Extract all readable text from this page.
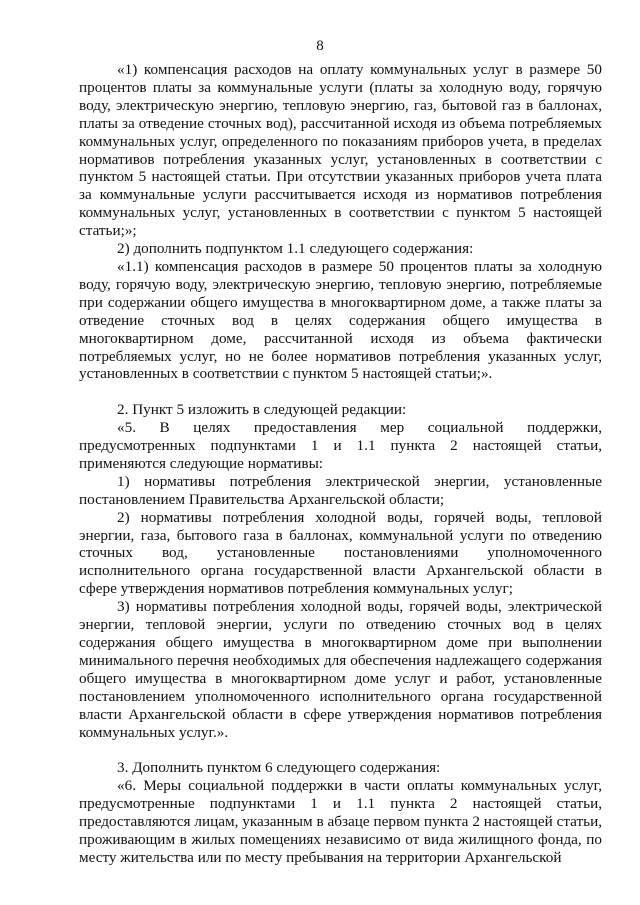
8

«1) компенсация расходов на оплату коммунальных услуг в размере 50 процентов платы за коммунальные услуги (платы за холодную воду, горячую воду, электрическую энергию, тепловую энергию, газ, бытовой газ в баллонах, платы за отведение сточных вод), рассчитанной исходя из объема потребляемых коммунальных услуг, определенного по показаниям приборов учета, в пределах нормативов потребления указанных услуг, установленных в соответствии с пунктом 5 настоящей статьи. При отсутствии указанных приборов учета плата за коммунальные услуги рассчитывается исходя из нормативов потребления коммунальных услуг, установленных в соответствии с пунктом 5 настоящей статьи;»;

2) дополнить подпунктом 1.1 следующего содержания:

«1.1) компенсация расходов в размере 50 процентов платы за холодную воду, горячую воду, электрическую энергию, тепловую энергию, потребляемые при содержании общего имущества в многоквартирном доме, а также платы за отведение сточных вод в целях содержания общего имущества в многоквартирном доме, рассчитанной исходя из объема фактически потребляемых услуг, но не более нормативов потребления указанных услуг, установленных в соответствии с пунктом 5 настоящей статьи;».

2. Пункт 5 изложить в следующей редакции:

«5. В целях предоставления мер социальной поддержки, предусмотренных подпунктами 1 и 1.1 пункта 2 настоящей статьи, применяются следующие нормативы:

1) нормативы потребления электрической энергии, установленные постановлением Правительства Архангельской области;

2) нормативы потребления холодной воды, горячей воды, тепловой энергии, газа, бытового газа в баллонах, коммунальной услуги по отведению сточных вод, установленные постановлениями уполномоченного исполнительного органа государственной власти Архангельской области в сфере утверждения нормативов потребления коммунальных услуг;

3) нормативы потребления холодной воды, горячей воды, электрической энергии, тепловой энергии, услуги по отведению сточных вод в целях содержания общего имущества в многоквартирном доме при выполнении минимального перечня необходимых для обеспечения надлежащего содержания общего имущества в многоквартирном доме услуг и работ, установленные постановлением уполномоченного исполнительного органа государственной власти Архангельской области в сфере утверждения нормативов потребления коммунальных услуг.».

3. Дополнить пунктом 6 следующего содержания:

«6. Меры социальной поддержки в части оплаты коммунальных услуг, предусмотренные подпунктами 1 и 1.1 пункта 2 настоящей статьи, предоставляются лицам, указанным в абзаце первом пункта 2 настоящей статьи, проживающим в жилых помещениях независимо от вида жилищного фонда, по месту жительства или по месту пребывания на территории Архангельской
